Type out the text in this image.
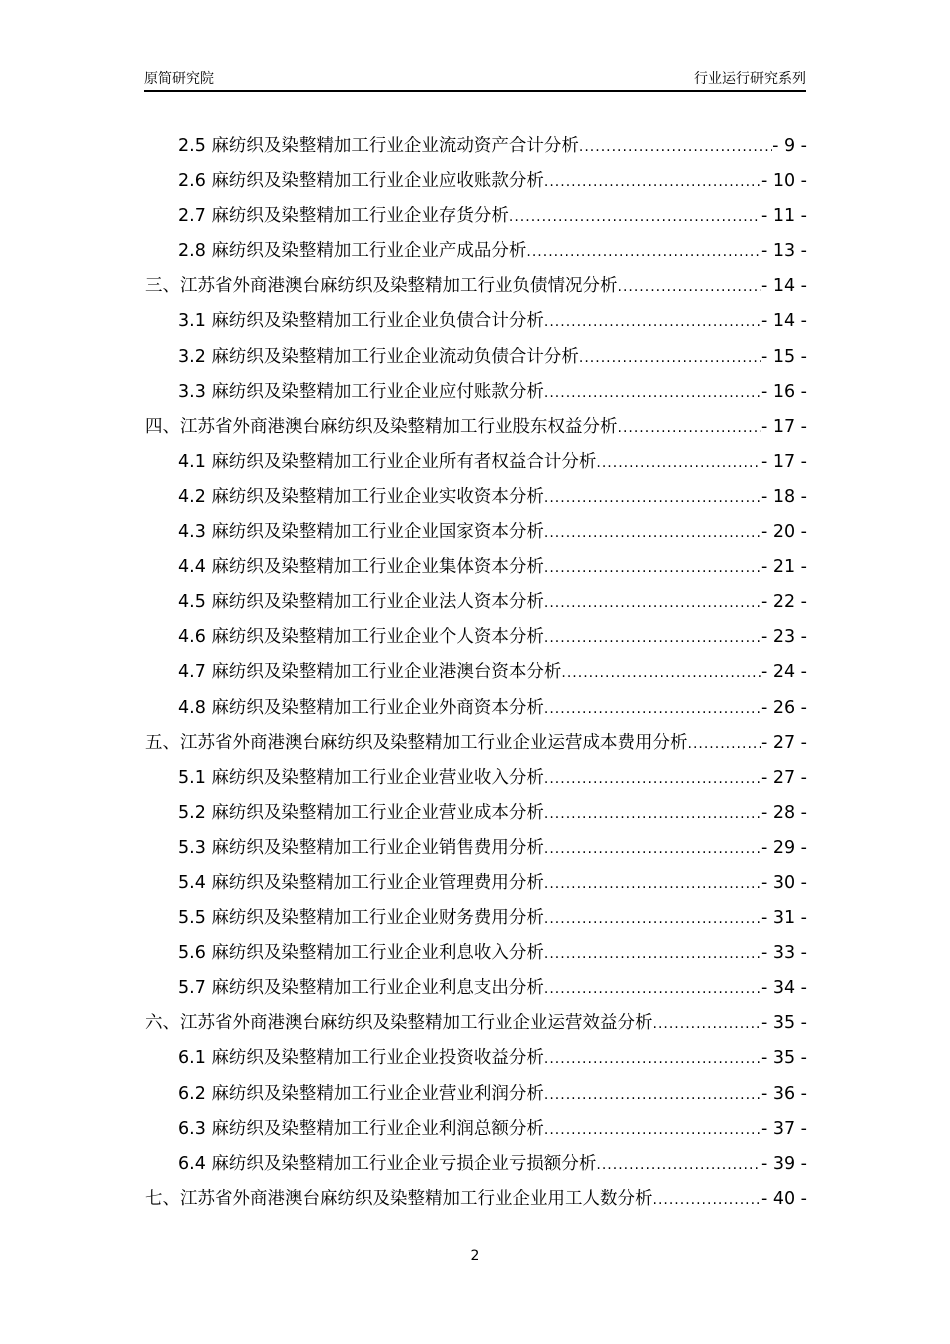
原简研究院	行业运行研究系列
2.5 麻纺织及染整精加工行业企业流动资产合计分析 .....	- 9 -
2.6 麻纺织及染整精加工行业企业应收账款分析 .....	- 10 -
2.7 麻纺织及染整精加工行业企业存货分析 .....	- 11 -
2.8 麻纺织及染整精加工行业企业产成品分析 .....	- 13 -
三、江苏省外商港澳台麻纺织及染整精加工行业负债情况分析 .....	- 14 -
3.1 麻纺织及染整精加工行业企业负债合计分析 .....	- 14 -
3.2 麻纺织及染整精加工行业企业流动负债合计分析 .....	- 15 -
3.3 麻纺织及染整精加工行业企业应付账款分析 .....	- 16 -
四、江苏省外商港澳台麻纺织及染整精加工行业股东权益分析 .....	- 17 -
4.1 麻纺织及染整精加工行业企业所有者权益合计分析 .....	- 17 -
4.2 麻纺织及染整精加工行业企业实收资本分析 .....	- 18 -
4.3 麻纺织及染整精加工行业企业国家资本分析 .....	- 20 -
4.4 麻纺织及染整精加工行业企业集体资本分析 .....	- 21 -
4.5 麻纺织及染整精加工行业企业法人资本分析 .....	- 22 -
4.6 麻纺织及染整精加工行业企业个人资本分析 .....	- 23 -
4.7 麻纺织及染整精加工行业企业港澳台资本分析 .....	- 24 -
4.8 麻纺织及染整精加工行业企业外商资本分析 .....	- 26 -
五、江苏省外商港澳台麻纺织及染整精加工行业企业运营成本费用分析 .....	- 27 -
5.1 麻纺织及染整精加工行业企业营业收入分析 .....	- 27 -
5.2 麻纺织及染整精加工行业企业营业成本分析 .....	- 28 -
5.3 麻纺织及染整精加工行业企业销售费用分析 .....	- 29 -
5.4 麻纺织及染整精加工行业企业管理费用分析 .....	- 30 -
5.5 麻纺织及染整精加工行业企业财务费用分析 .....	- 31 -
5.6 麻纺织及染整精加工行业企业利息收入分析 .....	- 33 -
5.7 麻纺织及染整精加工行业企业利息支出分析 .....	- 34 -
六、江苏省外商港澳台麻纺织及染整精加工行业企业运营效益分析 .....	- 35 -
6.1 麻纺织及染整精加工行业企业投资收益分析 .....	- 35 -
6.2 麻纺织及染整精加工行业企业营业利润分析 .....	- 36 -
6.3 麻纺织及染整精加工行业企业利润总额分析 .....	- 37 -
6.4 麻纺织及染整精加工行业企业亏损企业亏损额分析 .....	- 39 -
七、江苏省外商港澳台麻纺织及染整精加工行业企业用工人数分析 .....	- 40 -
2
